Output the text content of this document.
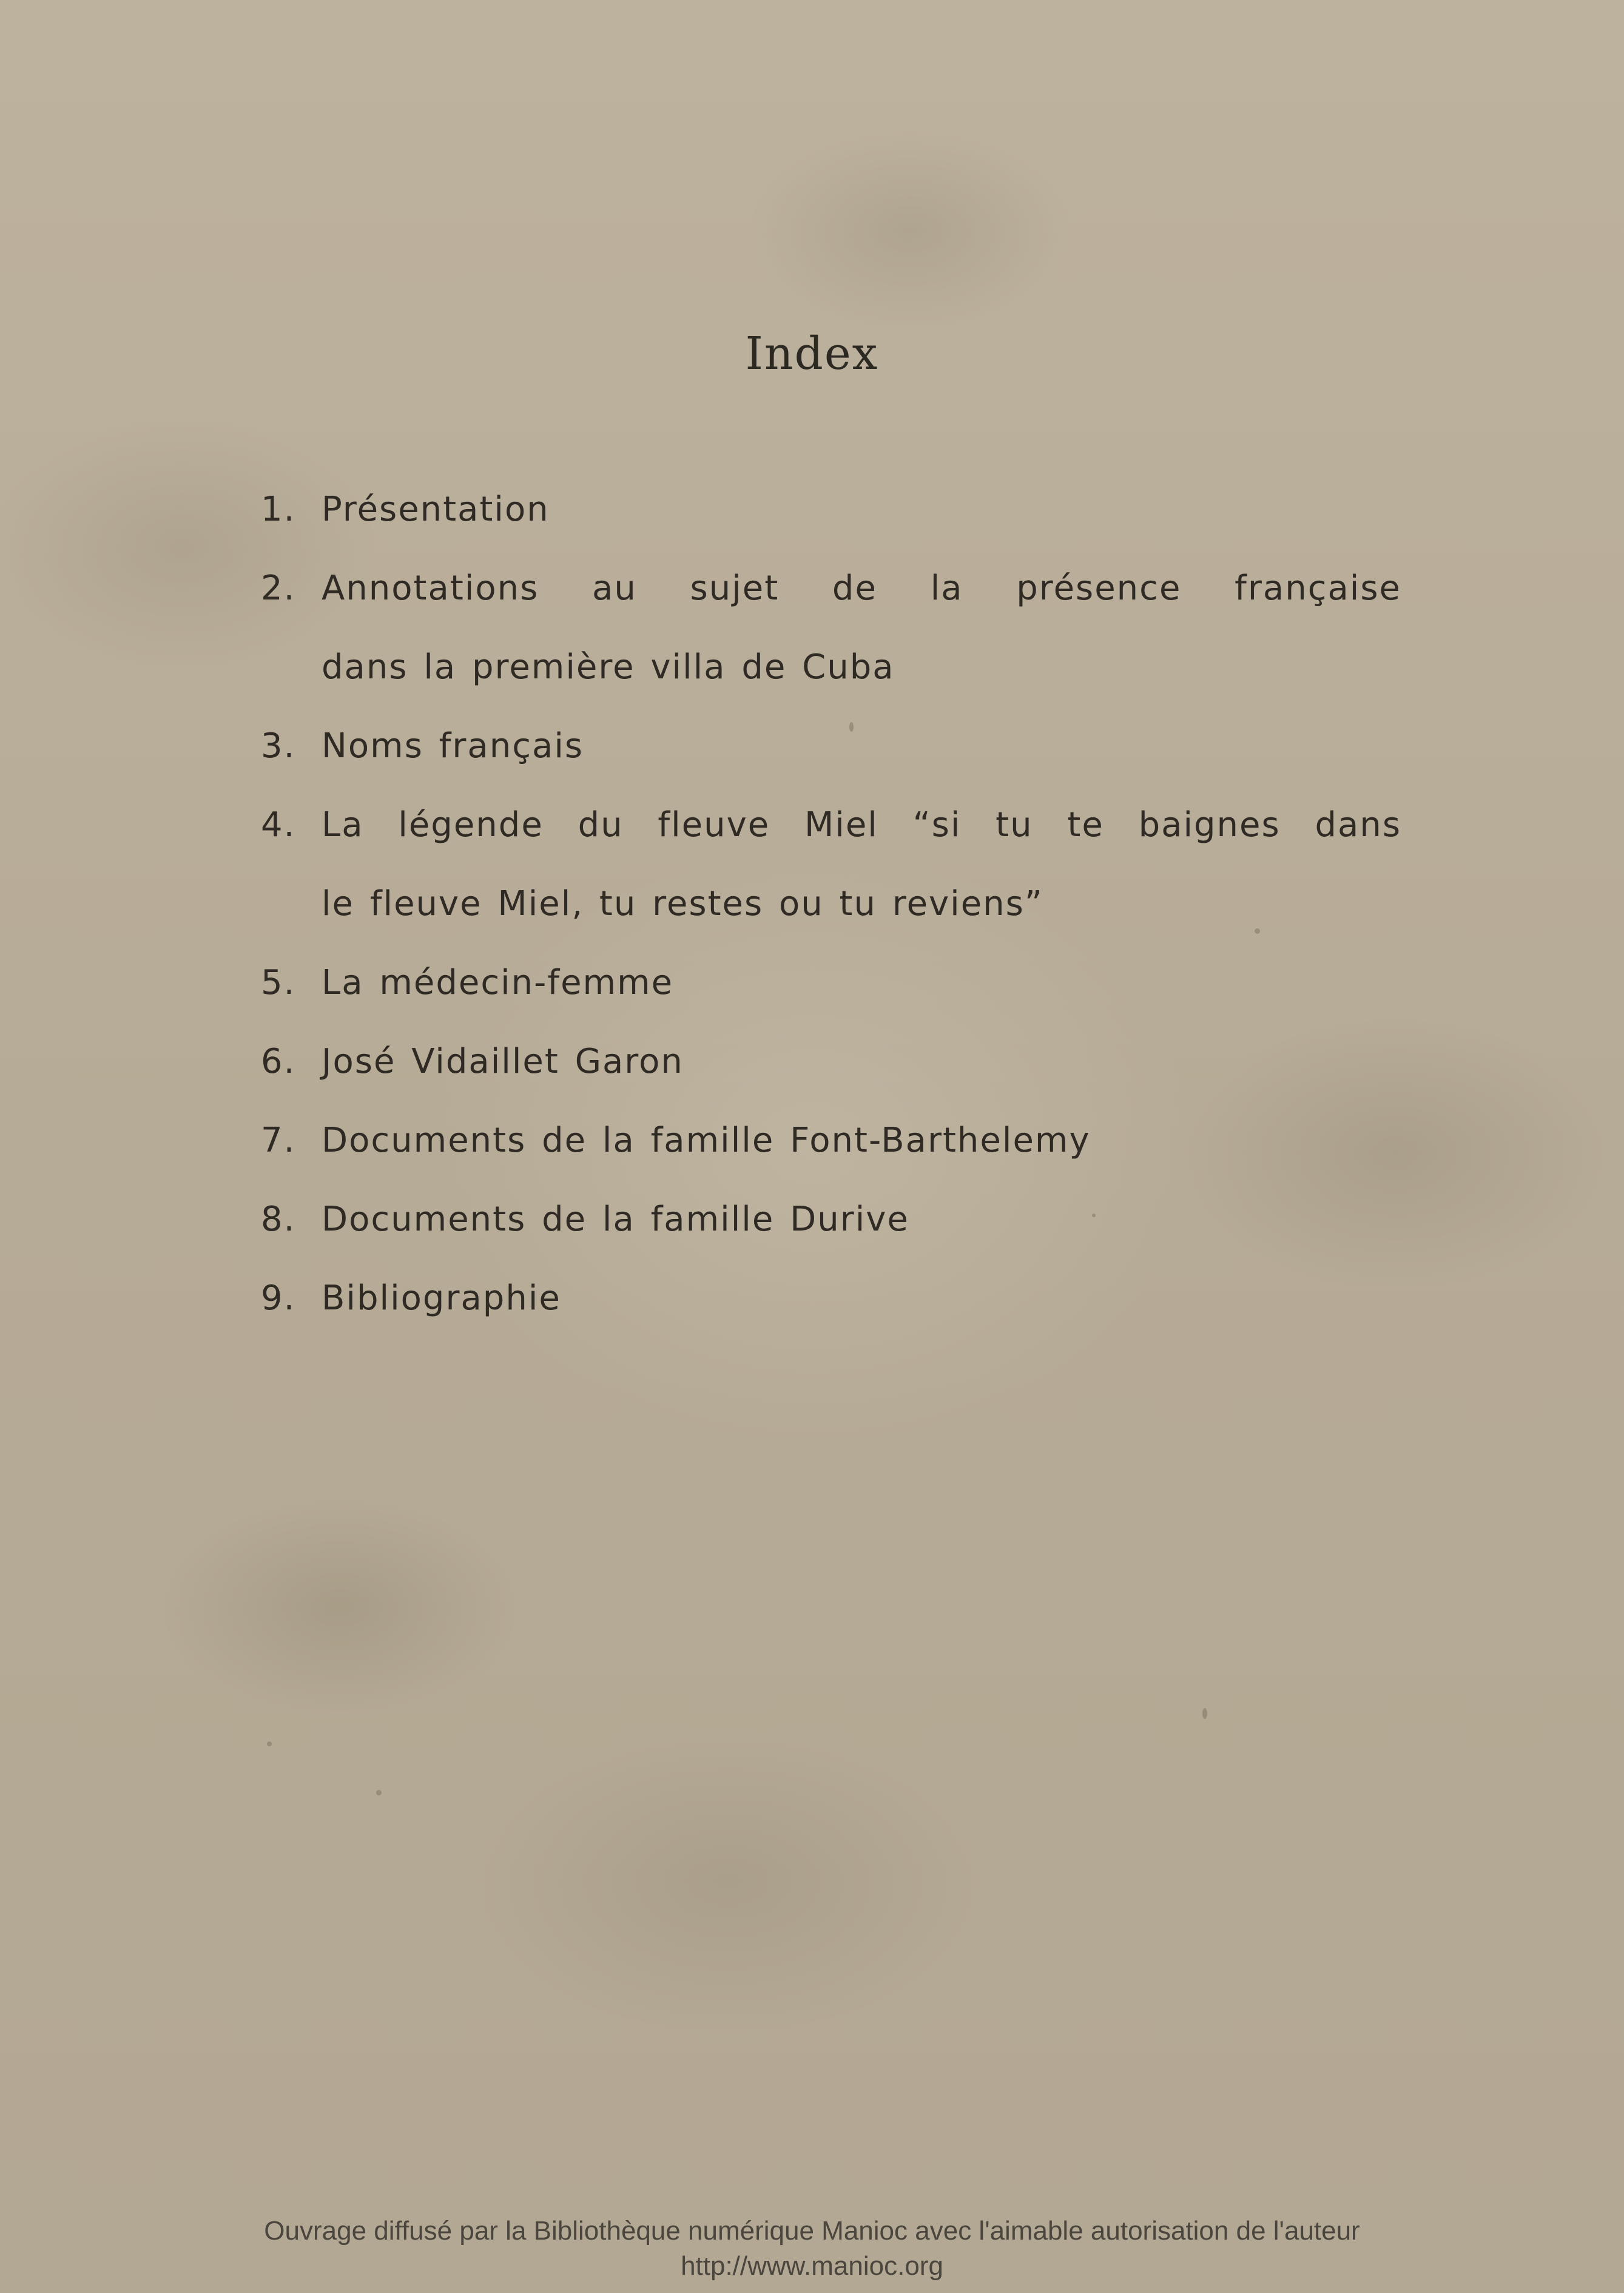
Index
1. Présentation
2. Annotations au sujet de la présence française
dans la première villa de Cuba
3. Noms français
4. La légende du fleuve Miel “si tu te baignes dans
le fleuve Miel, tu restes ou tu reviens”
5. La médecin-femme
6. José Vidaillet Garon
7. Documents de la famille Font-Barthelemy
8. Documents de la famille Durive
9. Bibliographie
Ouvrage diffusé par la Bibliothèque numérique Manioc avec l'aimable autorisation de l'auteur
http://www.manioc.org
